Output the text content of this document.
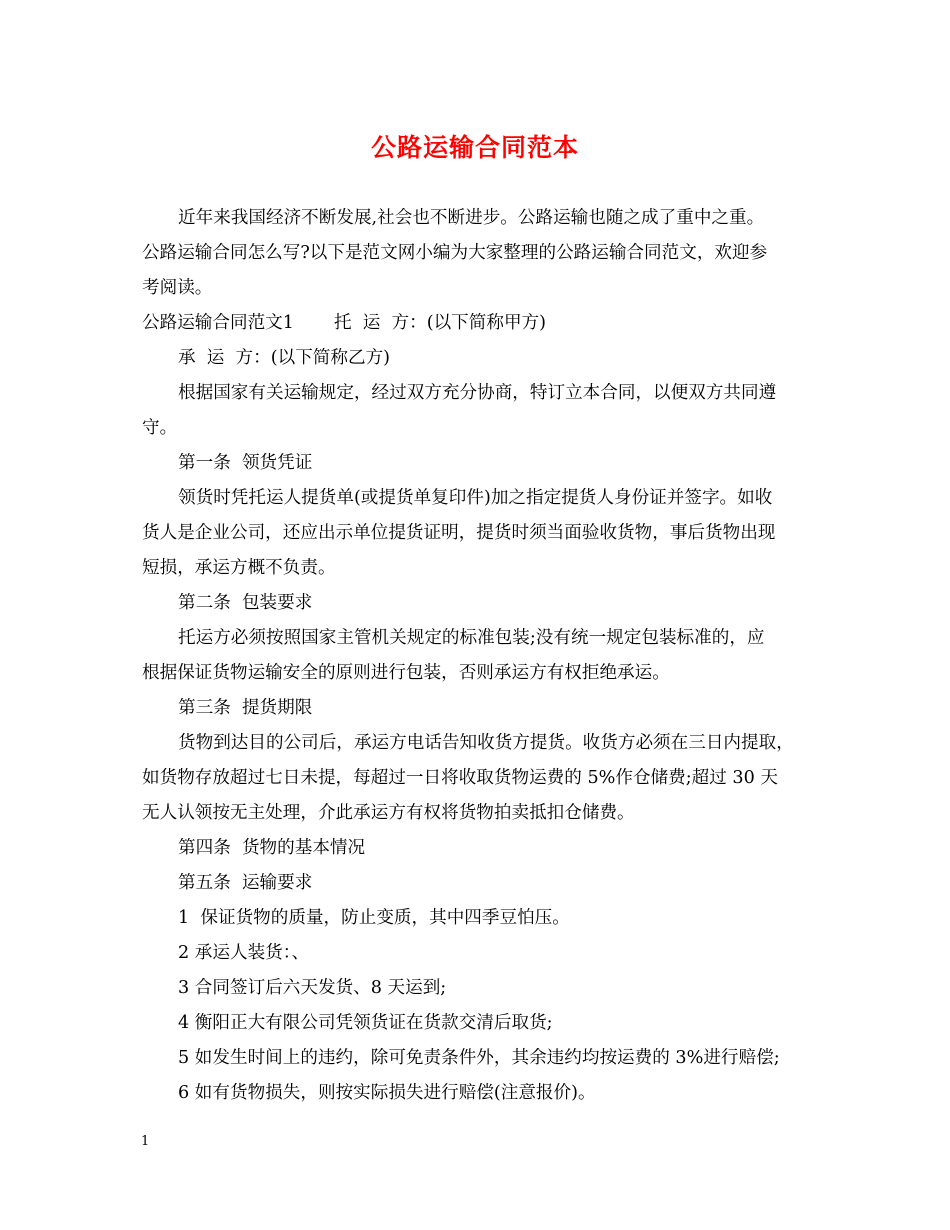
公路运输合同范本
近年来我国经济不断发展,社会也不断进步。公路运输也随之成了重中之重。
公路运输合同怎么写?以下是范文网小编为大家整理的公路运输合同范文，欢迎参
考阅读。
公路运输合同范文1 托  运  方：(以下简称甲方)
承  运  方：(以下简称乙方)
根据国家有关运输规定，经过双方充分协商，特订立本合同，以便双方共同遵
守。
第一条  领货凭证
领货时凭托运人提货单(或提货单复印件)加之指定提货人身份证并签字。如收
货人是企业公司，还应出示单位提货证明，提货时须当面验收货物，事后货物出现
短损，承运方概不负责。
第二条  包装要求
托运方必须按照国家主管机关规定的标准包装;没有统一规定包装标准的，应
根据保证货物运输安全的原则进行包装，否则承运方有权拒绝承运。
第三条  提货期限
货物到达目的公司后，承运方电话告知收货方提货。收货方必须在三日内提取，
如货物存放超过七日未提，每超过一日将收取货物运费的 5%作仓储费;超过 30 天
无人认领按无主处理，介此承运方有权将货物拍卖抵扣仓储费。
第四条  货物的基本情况
第五条  运输要求
1  保证货物的质量，防止变质，其中四季豆怕压。
2 承运人装货：、
3 合同签订后六天发货、8 天运到;
4 衡阳正大有限公司凭领货证在货款交清后取货;
5 如发生时间上的违约，除可免责条件外，其余违约均按运费的 3%进行赔偿;
6 如有货物损失，则按实际损失进行赔偿(注意报价)。
1
